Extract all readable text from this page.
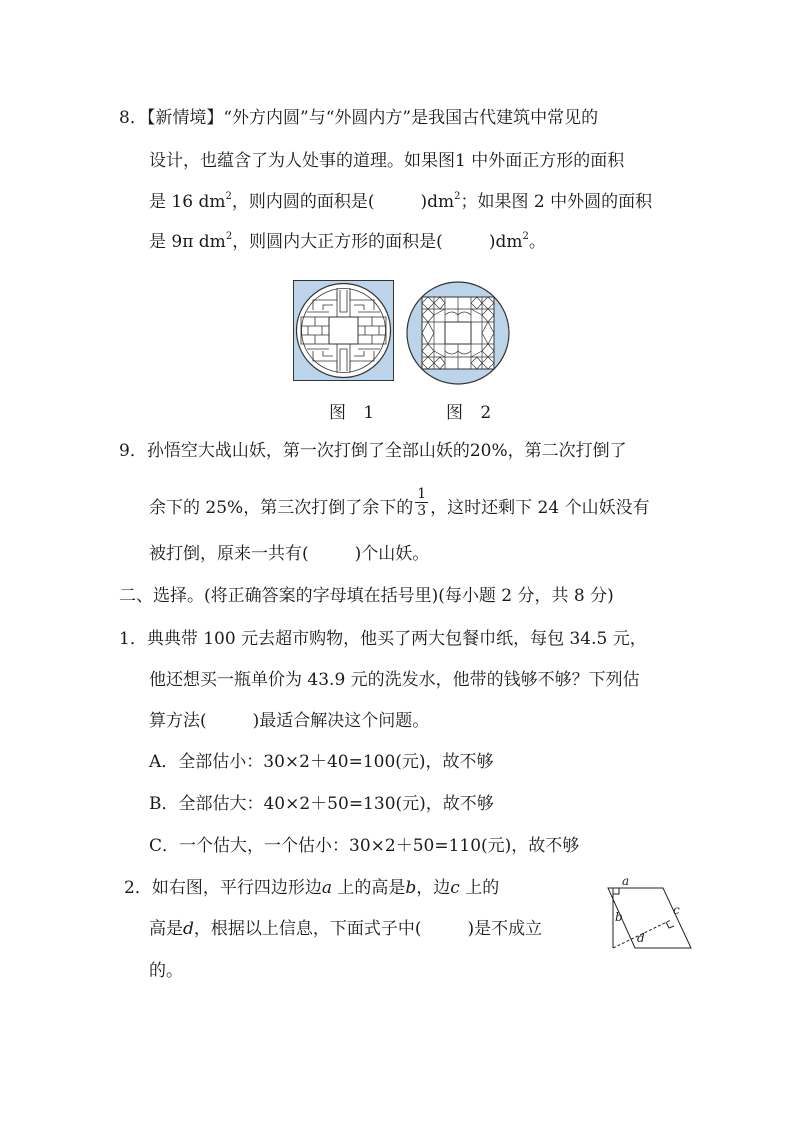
8．【新情境】“外方内圆”与“外圆内方”是我国古代建筑中常见的
设计，也蕴含了为人处事的道理。如果图1 中外面正方形的面积
是 16 $dm^2$，则内圆的面积是(	)$dm^2$；如果图 2 中外圆的面积
是 9π $dm^2$，则圆内大正方形的面积是(	)$dm^2$。
图 1	图 2
9．孙悟空大战山妖，第一次打倒了全部山妖的20%，第二次打倒了
余下的 25%，第三次打倒了余下的 $\frac{1}{3}$ ，这时还剩下 24 个山妖没有
被打倒，原来一共有(	)个山妖。
二、选择。(将正确答案的字母填在括号里)(每小题 2 分，共 8 分)
1．典典带 100 元去超市购物，他买了两大包餐巾纸，每包 34.5 元，
他还想买一瓶单价为 43.9 元的洗发水，他带的钱够不够？下列估
算方法(	)最适合解决这个问题。
A．全部估小：30×2＋40=100(元)，故不够
B．全部估大：40×2＋50=130(元)，故不够
C．一个估大，一个估小：30×2＋50=110(元)，故不够
2．如右图，平行四边形边a 上的高是b，边c 上的
高是d，根据以上信息，下面式子中(	)是不成立
的。
a
b	c
d
